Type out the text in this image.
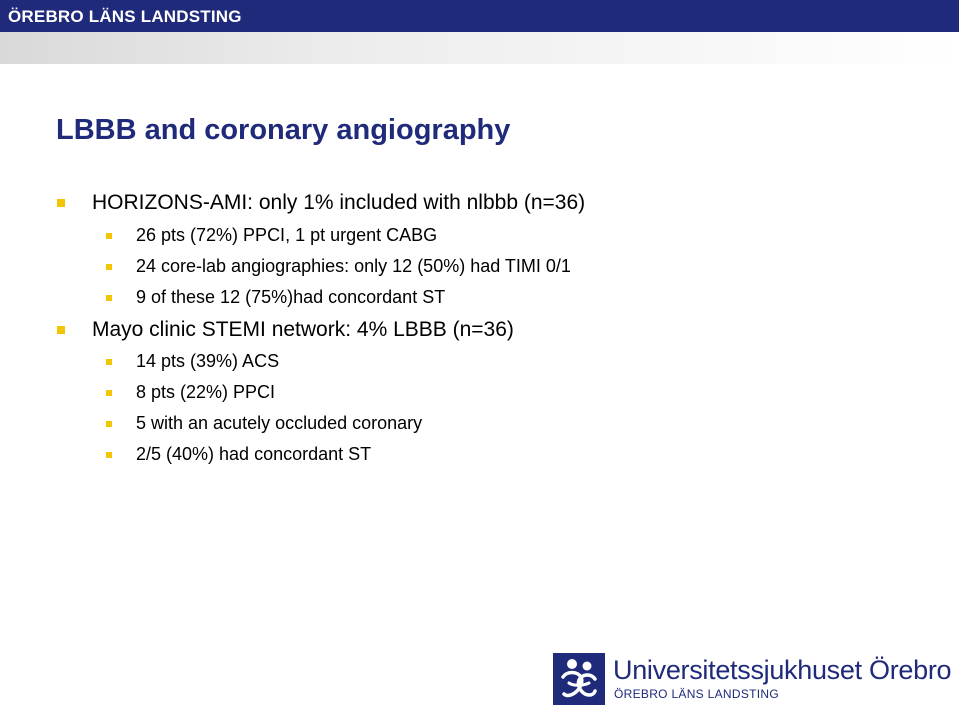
ÖREBRO LÄNS LANDSTING
LBBB and coronary angiography
HORIZONS-AMI: only 1% included with nlbbb (n=36)
26 pts (72%) PPCI, 1 pt urgent CABG
24 core-lab angiographies: only 12 (50%) had TIMI 0/1
9 of these 12 (75%)had concordant ST
Mayo clinic STEMI network: 4% LBBB (n=36)
14 pts (39%) ACS
8 pts (22%) PPCI
5 with an acutely occluded coronary
2/5 (40%) had concordant ST
Universitetssjukhuset Örebro
ÖREBRO LÄNS LANDSTING
